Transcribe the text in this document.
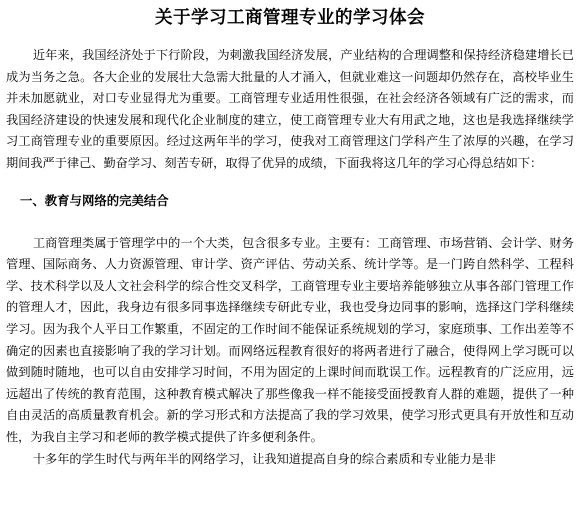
关于学习工商管理专业的学习体会

近年来，我国经济处于下行阶段，为刺激我国经济发展，产业结构的合理调整和保持经济稳建增长已成为当务之急。各大企业的发展壮大急需大批量的人才涌入，但就业难这一问题却仍然存在，高校毕业生并未加愿就业，对口专业显得尤为重要。工商管理专业适用性很强，在社会经济各领域有广泛的需求，而我国经济建设的快速发展和现代化企业制度的建立，使工商管理专业大有用武之地，这也是我选择继续学习工商管理专业的重要原因。经过这两年半的学习，使我对工商管理这门学科产生了浓厚的兴趣，在学习期间我严于律己、勤奋学习、刻苦专研，取得了优异的成绩，下面我将这几年的学习心得总结如下：

一、教育与网络的完美结合

工商管理类属于管理学中的一个大类，包含很多专业。主要有：工商管理、市场营销、会计学、财务管理、国际商务、人力资源管理、审计学、资产评估、劳动关系、统计学等。是一门跨自然科学、工程科学、技术科学以及人文社会科学的综合性交叉科学，工商管理专业主要培养能够独立从事各部门管理工作的管理人才，因此，我身边有很多同事选择继续专研此专业，我也受身边同事的影响，选择这门学科继续学习。因为我个人平日工作繁重，不固定的工作时间不能保证系统规划的学习，家庭琐事、工作出差等不确定的因素也直接影响了我的学习计划。而网络远程教育很好的将两者进行了融合，使得网上学习既可以做到随时随地，也可以自由安排学习时间，不用为固定的上课时间而耽误工作。远程教育的广泛应用，远远超出了传统的教育范围，这种教育模式解决了那些像我一样不能接受面授教育人群的难题，提供了一种自由灵活的高质量教育机会。新的学习形式和方法提高了我的学习效果，使学习形式更具有开放性和互动性，为我自主学习和老师的教学模式提供了许多便利条件。

十多年的学生时代与两年半的网络学习，让我知道提高自身的综合素质和专业能力是非
